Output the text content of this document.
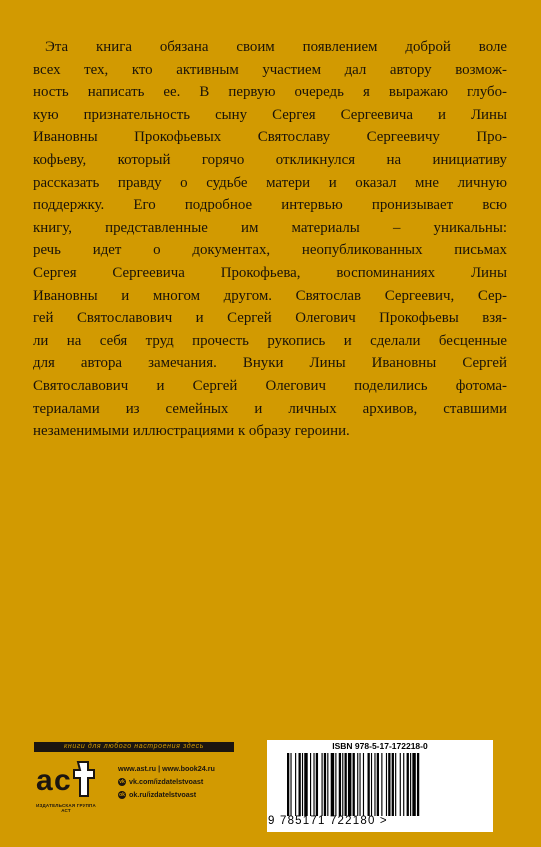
Эта книга обязана своим появлением доброй воле
всех тех, кто активным участием дал автору возмож-
ность написать ее. В первую очередь я выражаю глубо-
кую признательность сыну Сергея Сергеевича и Лины
Ивановны Прокофьевых Святославу Сергеевичу Про-
кофьеву, который горячо откликнулся на инициативу
рассказать правду о судьбе матери и оказал мне личную
поддержку. Его подробное интервью пронизывает всю
книгу, представленные им материалы – уникальны:
речь идет о документах, неопубликованных письмах
Сергея Сергеевича Прокофьева, воспоминаниях Лины
Ивановны и многом другом. Святослав Сергеевич, Сер-
гей Святославович и Сергей Олегович Прокофьевы взя-
ли на себя труд прочесть рукопись и сделали бесценные
для автора замечания. Внуки Лины Ивановны Сергей
Святославович и Сергей Олегович поделились фотома-
териалами из семейных и личных архивов, ставшими
незаменимыми иллюстрациями к образу героини.
книги для любого настроения здесь
a c
ИЗДАТЕЛЬСКАЯ ГРУППА АСТ
www.ast.ru | www.book24.ru
vk vk.com/izdatelstvoast
ok ok.ru/izdatelstvoast
ISBN 978-5-17-172218-0
9 785171 722180 >
